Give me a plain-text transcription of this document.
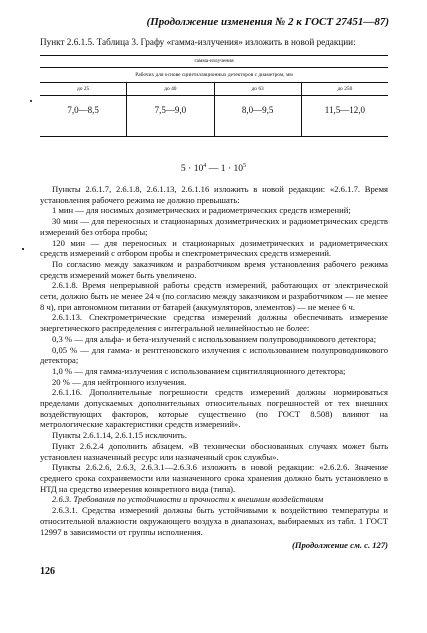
(Продолжение изменения № 2 к ГОСТ 27451—87)
Пункт 2.6.1.5. Таблица 3. Графу «гамма-излучения» изложить в новой редакции:
гамма-излучения
Рабочих для основе сцинтилляционных детекторов с диаметром, мм
до 25	до 40	до 63	до 250
7,0—8,5	7,5—9,0	8,0—9,5	11,5—12,0
$5 \cdot 10^4$ — $1 \cdot 10^5$

Пункты 2.6.1.7, 2.6.1.8, 2.6.1.13, 2.6.1.16 изложить в новой редакции: «2.6.1.7. Время установления рабочего режима не должно превышать:

1 мин — для носимых дозиметрических и радиометрических средств измерений;

30 мин — для переносных и стационарных дозиметрических и радиометрических средств измерений без отбора пробы;

120 мин — для переносных и стационарных дозиметрических и радиометрических средств измерений с отбором пробы и спектрометрических средств измерений.

По согласию между заказчиком и разработчиком время установления рабочего режима средств измерений может быть увеличено.

2.6.1.8. Время непрерывной работы средств измерений, работающих от электрической сети, должно быть не менее 24 ч (по согласию между заказчиком и разработчиком — не менее 8 ч), при автономном питании от батарей (аккумуляторов, элементов) — не менее 6 ч.

2.6.1.13. Спектрометрические средства измерений должны обеспечивать измерение энергетического распределения с интегральной нелинейностью не более:

0,3 % — для альфа- и бета-излучений с использованием полупроводникового детектора;

0,05 % — для гамма- и рентгеновского излучения с использованием полупроводникового детектора;

1,0 % — для гамма-излучения с использованием сцинтилляционного детектора;

20 % — для нейтронного излучения.

2.6.1.16. Дополнительные погрешности средств измерений должны нормироваться пределами допускаемых дополнительных относительных погрешностей от тех внешних воздействующих факторов, которые существенно (по ГОСТ 8.508) влияют на метрологические характеристики средств измерений».

Пункты 2.6.1.14, 2.6.1.15 исключить.

Пункт 2.6.2.4 дополнить абзацем. «В технически обоснованных случаях может быть установлен назначенный ресурс или назначенный срок службы».

Пункты 2.6.2.6, 2.6.3, 2.6.3.1—2.6.3.6 изложить в новой редакции: «2.6.2.6. Значение среднего срока сохраняемости или назначенного срока хранения должно быть установлено в НТД на средство измерения конкретного вида (типа).

2.6.3. Требования по устойчивости и прочности к внешним воздействиям

2.6.3.1. Средства измерений должны быть устойчивыми к воздействию температуры и относительной влажности окружающего воздуха в диапазонах, выбираемых из табл. 1 ГОСТ 12997 в зависимости от группы исполнения.

(Продолжение см. с. 127)

126
